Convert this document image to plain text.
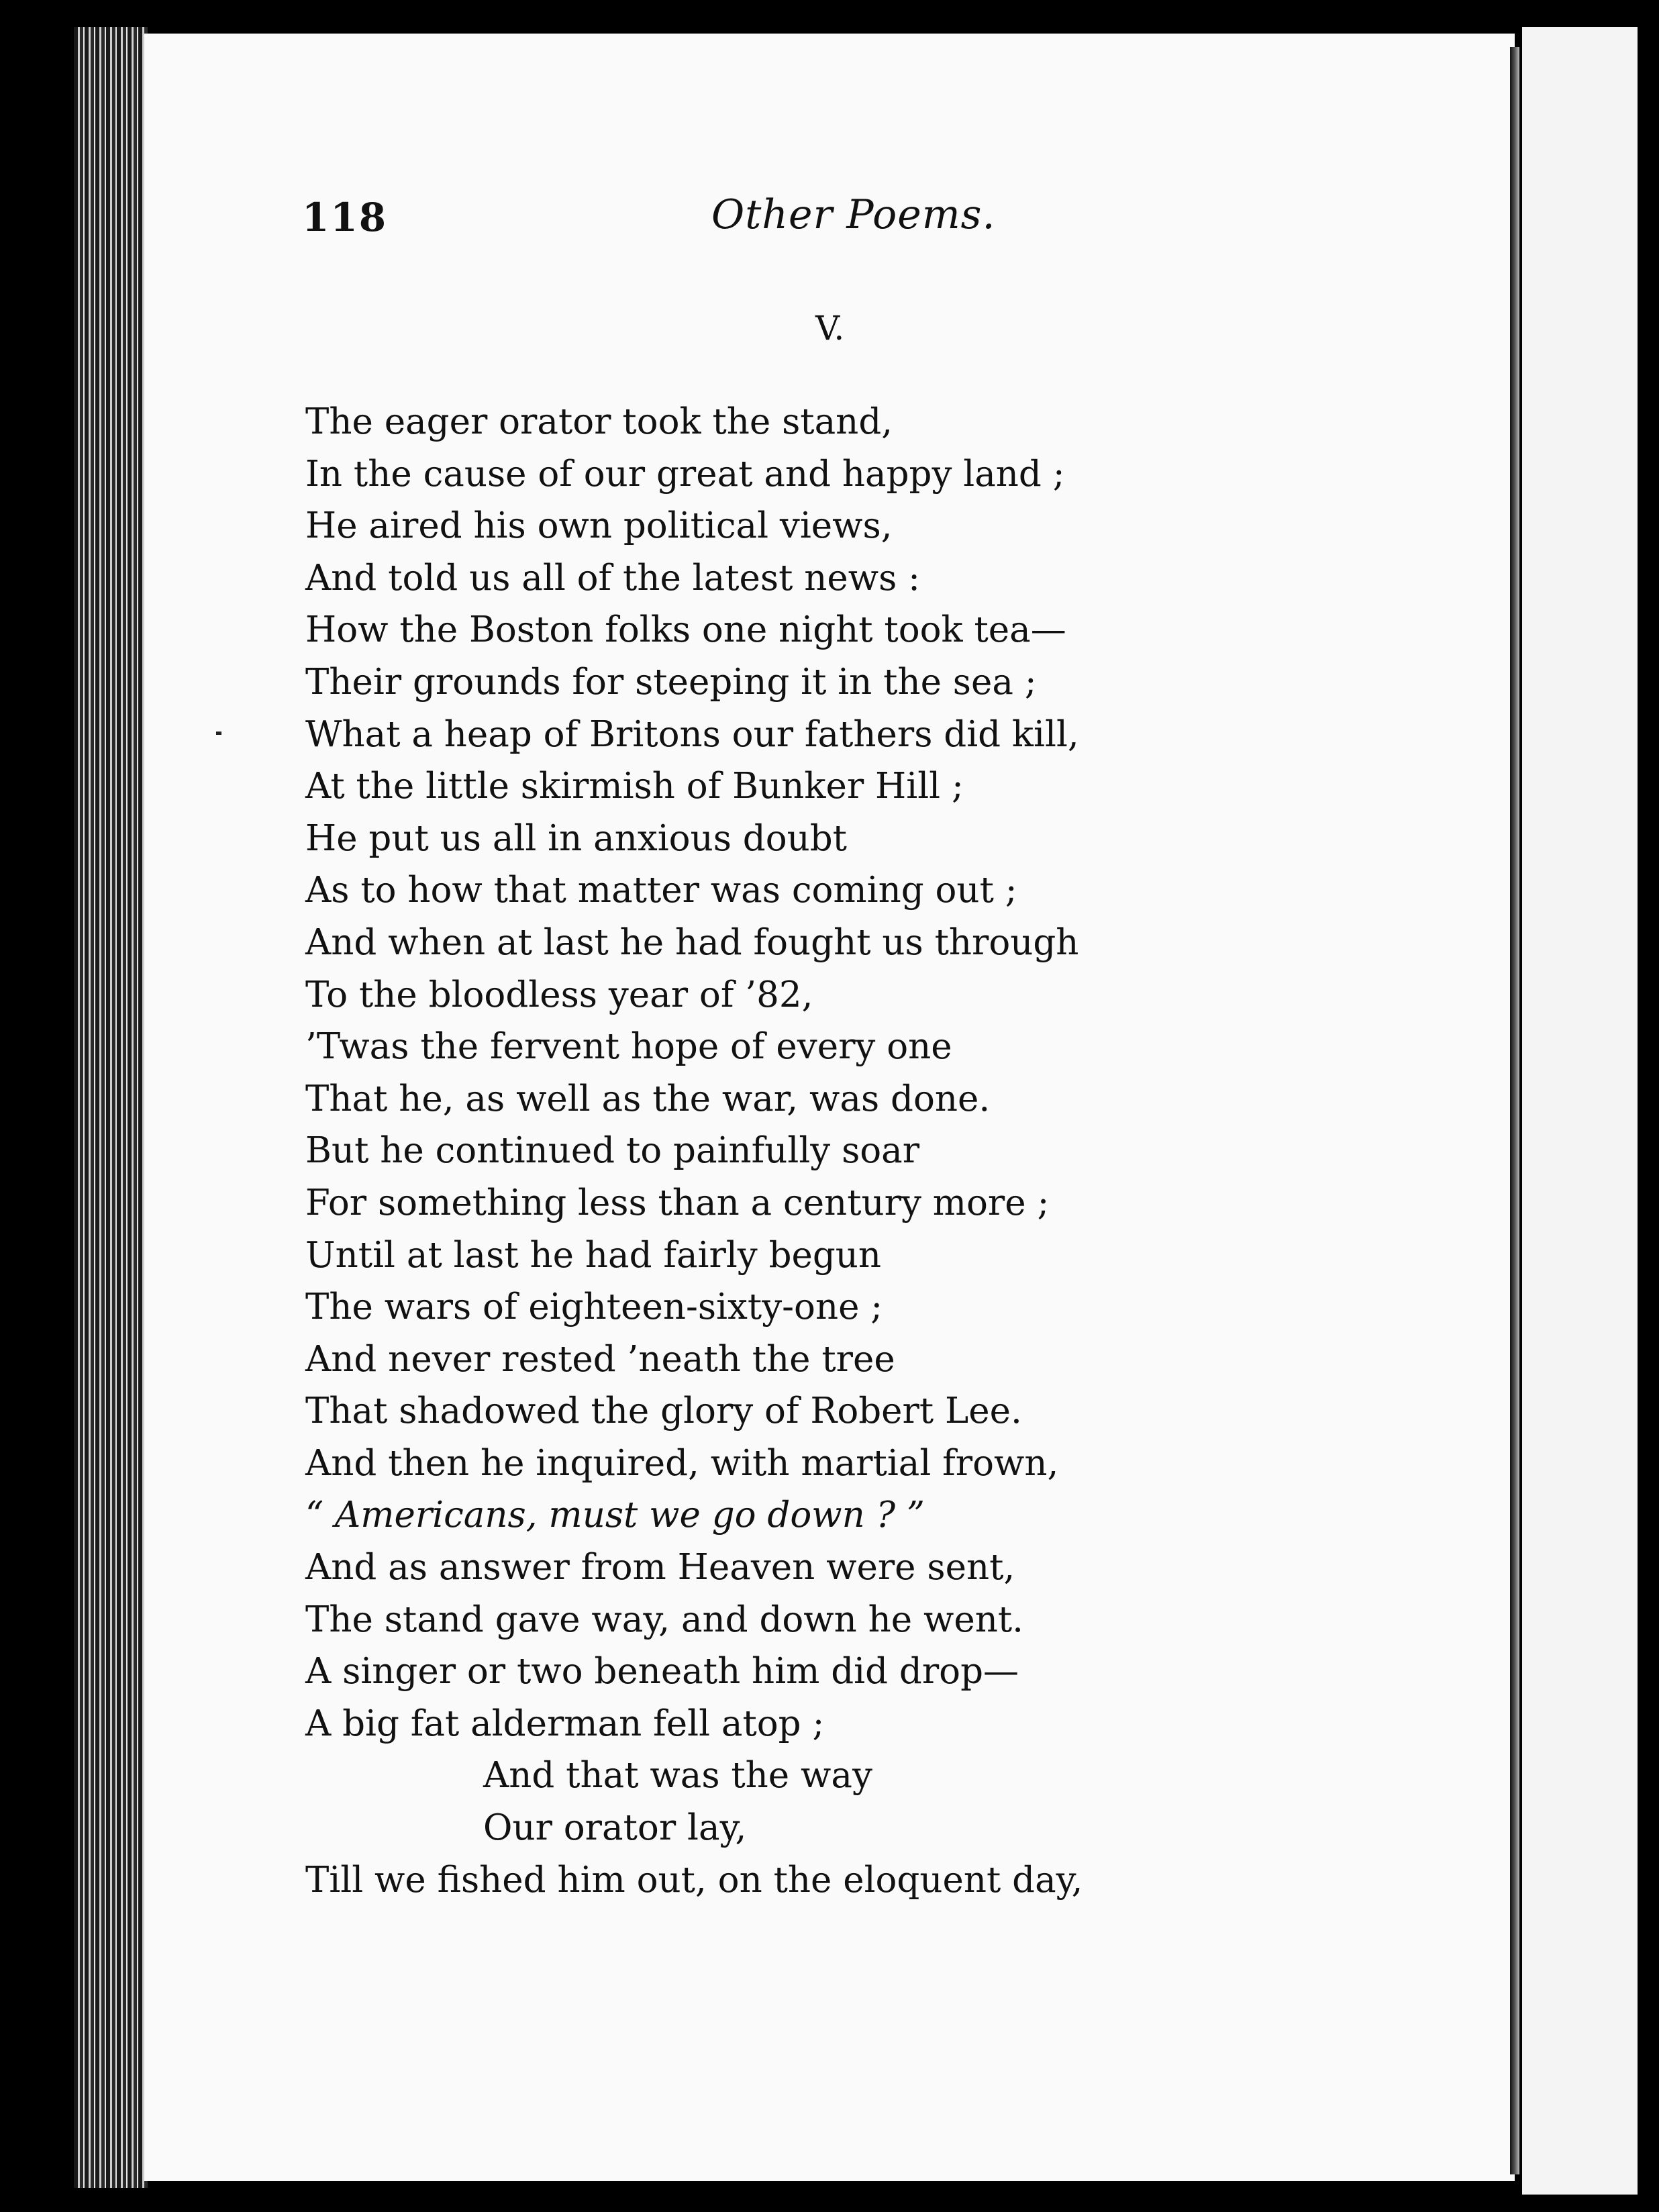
118	Other Poems.
V.
The eager orator took the stand,
In the cause of our great and happy land ;
He aired his own political views,
And told us all of the latest news :
How the Boston folks one night took tea—
Their grounds for steeping it in the sea ;
What a heap of Britons our fathers did kill,
At the little skirmish of Bunker Hill ;
He put us all in anxious doubt
As to how that matter was coming out ;
And when at last he had fought us through
To the bloodless year of ’82,
’Twas the fervent hope of every one
That he, as well as the war, was done.
But he continued to painfully soar
For something less than a century more ;
Until at last he had fairly begun
The wars of eighteen-sixty-one ;
And never rested ’neath the tree
That shadowed the glory of Robert Lee.
And then he inquired, with martial frown,
“ Americans, must we go down ? ”
And as answer from Heaven were sent,
The stand gave way, and down he went.
A singer or two beneath him did drop—
A big fat alderman fell atop ;
And that was the way
Our orator lay,
Till we fished him out, on the eloquent day,
